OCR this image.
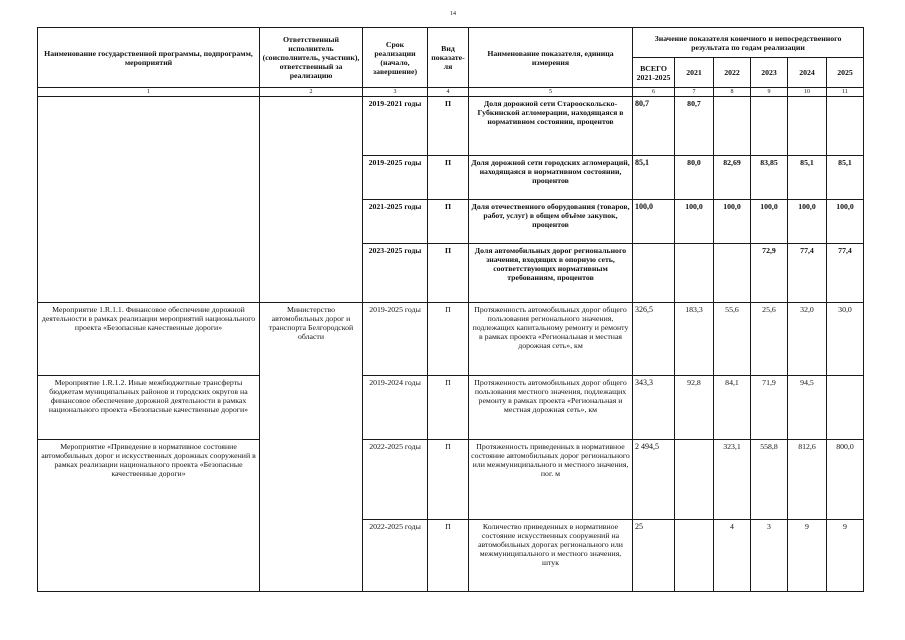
14
Наименование государственной программы, подпрограмм, мероприятий	Ответственный исполнитель (соисполнитель, участник), ответственный за реализацию	Срок реализации (начало, завершение)	Вид показате-ля	Наименование показателя, единица измерения	Значение показателя конечного и непосредственного результата по годам реализации					
					ВСЕГО 2021-2025	2021	2022	2023	2024	2025
1	2	3	4	5	6	7	8	9	10	11
		2019-2021 годы	П	Доля дорожной сети Старооскольско-Губкинской агломерации, находящаяся в нормативном состоянии, процентов	80,7	80,7				
		2019-2025 годы	П	Доля дорожной сети городских агломераций, находящаяся в нормативном состоянии, процентов	85,1	80,0	82,69	83,85	85,1	85,1
		2021-2025 годы	П	Доля отечественного оборудования (товаров, работ, услуг) в общем объёме закупок, процентов	100,0	100,0	100,0	100,0	100,0	100,0
		2023-2025 годы	П	Доля автомобильных дорог регионального значения, входящих в опорную сеть, соответствующих нормативным требованиям, процентов				72,9	77,4	77,4
Мероприятие 1.R.1.1. Финансовое обеспечение дорожной деятельности в рамках реализации мероприятий национального проекта «Безопасные качественные дороги»	Министерство автомобильных дорог и транспорта Белгородской области	2019-2025 годы	П	Протяженность автомобильных дорог общего пользования регионального значения, подлежащих капитальному ремонту и ремонту в рамках проекта «Региональная и местная дорожная сеть», км	326,5	183,3	55,6	25,6	32,0	30,0
Мероприятие 1.R.1.2. Иные межбюджетные трансферты бюджетам муниципальных районов и городских округов на финансовое обеспечение дорожной деятельности в рамках национального проекта «Безопасные качественные дороги»		2019-2024 годы	П	Протяженность автомобильных дорог общего пользования местного значения, подлежащих ремонту в рамках проекта «Региональная и местная дорожная сеть», км	343,3	92,8	84,1	71,9	94,5	
Мероприятие «Приведение в нормативное состояние автомобильных дорог и искусственных дорожных сооружений в рамках реализации национального проекта «Безопасные качественные дороги»		2022-2025 годы	П	Протяженность приведенных в нормативное состояние автомобильных дорог регионального или межмуниципального и местного значения, пог. м	2 494,5		323,1	558,8	812,6	800,0
		2022-2025 годы	П	Количество приведенных в нормативное состояние искусственных сооружений на автомобильных дорогах регионального или межмуниципального и местного значения, штук	25		4	3	9	9
